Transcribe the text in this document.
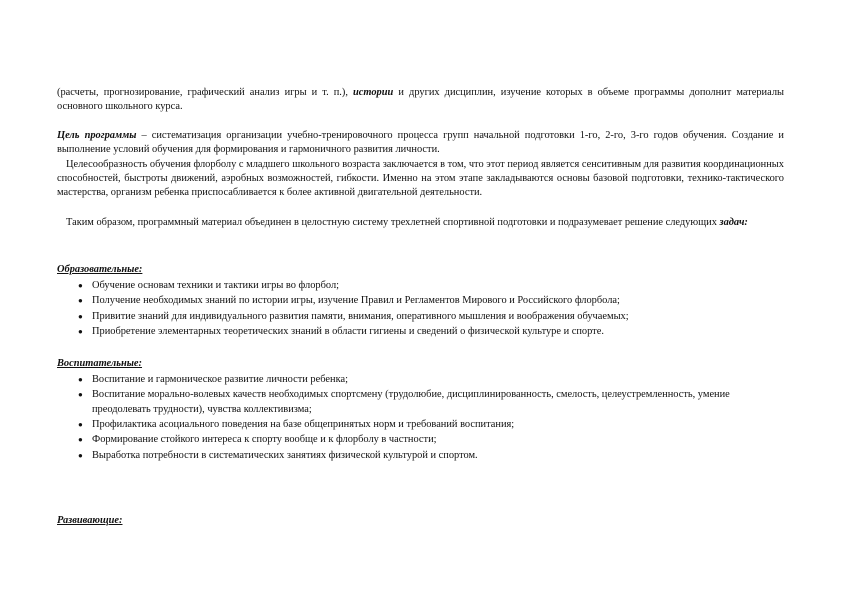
(расчеты, прогнозирование, графический анализ игры и т. п.), истории и других дисциплин, изучение которых в объеме программы дополнит материалы основного школьного курса.

Цель программы – систематизация организации учебно-тренировочного процесса групп начальной подготовки 1-го, 2-го, 3-го годов обучения. Создание и выполнение условий обучения для формирования и гармоничного развития личности.

Целесообразность обучения флорболу с младшего школьного возраста заключается в том, что этот период является сенситивным для развития координационных способностей, быстроты движений, аэробных возможностей, гибкости. Именно на этом этапе закладываются основы базовой подготовки, технико-тактического мастерства, организм ребенка приспосабливается к более активной двигательной деятельности.

Таким образом, программный материал объединен в целостную систему трехлетней спортивной подготовки и подразумевает решение следующих задач:

Образовательные:

● Обучение основам техники и тактики игры во флорбол;
● Получение необходимых знаний по истории игры, изучение Правил и Регламентов Мирового и Российского флорбола;
● Привитие знаний для индивидуального развития памяти, внимания, оперативного мышления и воображения обучаемых;
● Приобретение элементарных теоретических знаний в области гигиены и сведений о физической культуре и спорте.

Воспитательные:

● Воспитание и гармоническое развитие личности ребенка;
● Воспитание морально-волевых качеств необходимых спортсмену (трудолюбие, дисциплинированность, смелость, целеустремленность, умение преодолевать трудности), чувства коллективизма;
● Профилактика асоциального поведения на базе общепринятых норм и требований воспитания;
● Формирование стойкого интереса к спорту вообще и к флорболу в частности;
● Выработка потребности в систематических занятиях физической культурой и спортом.

Развивающие:
